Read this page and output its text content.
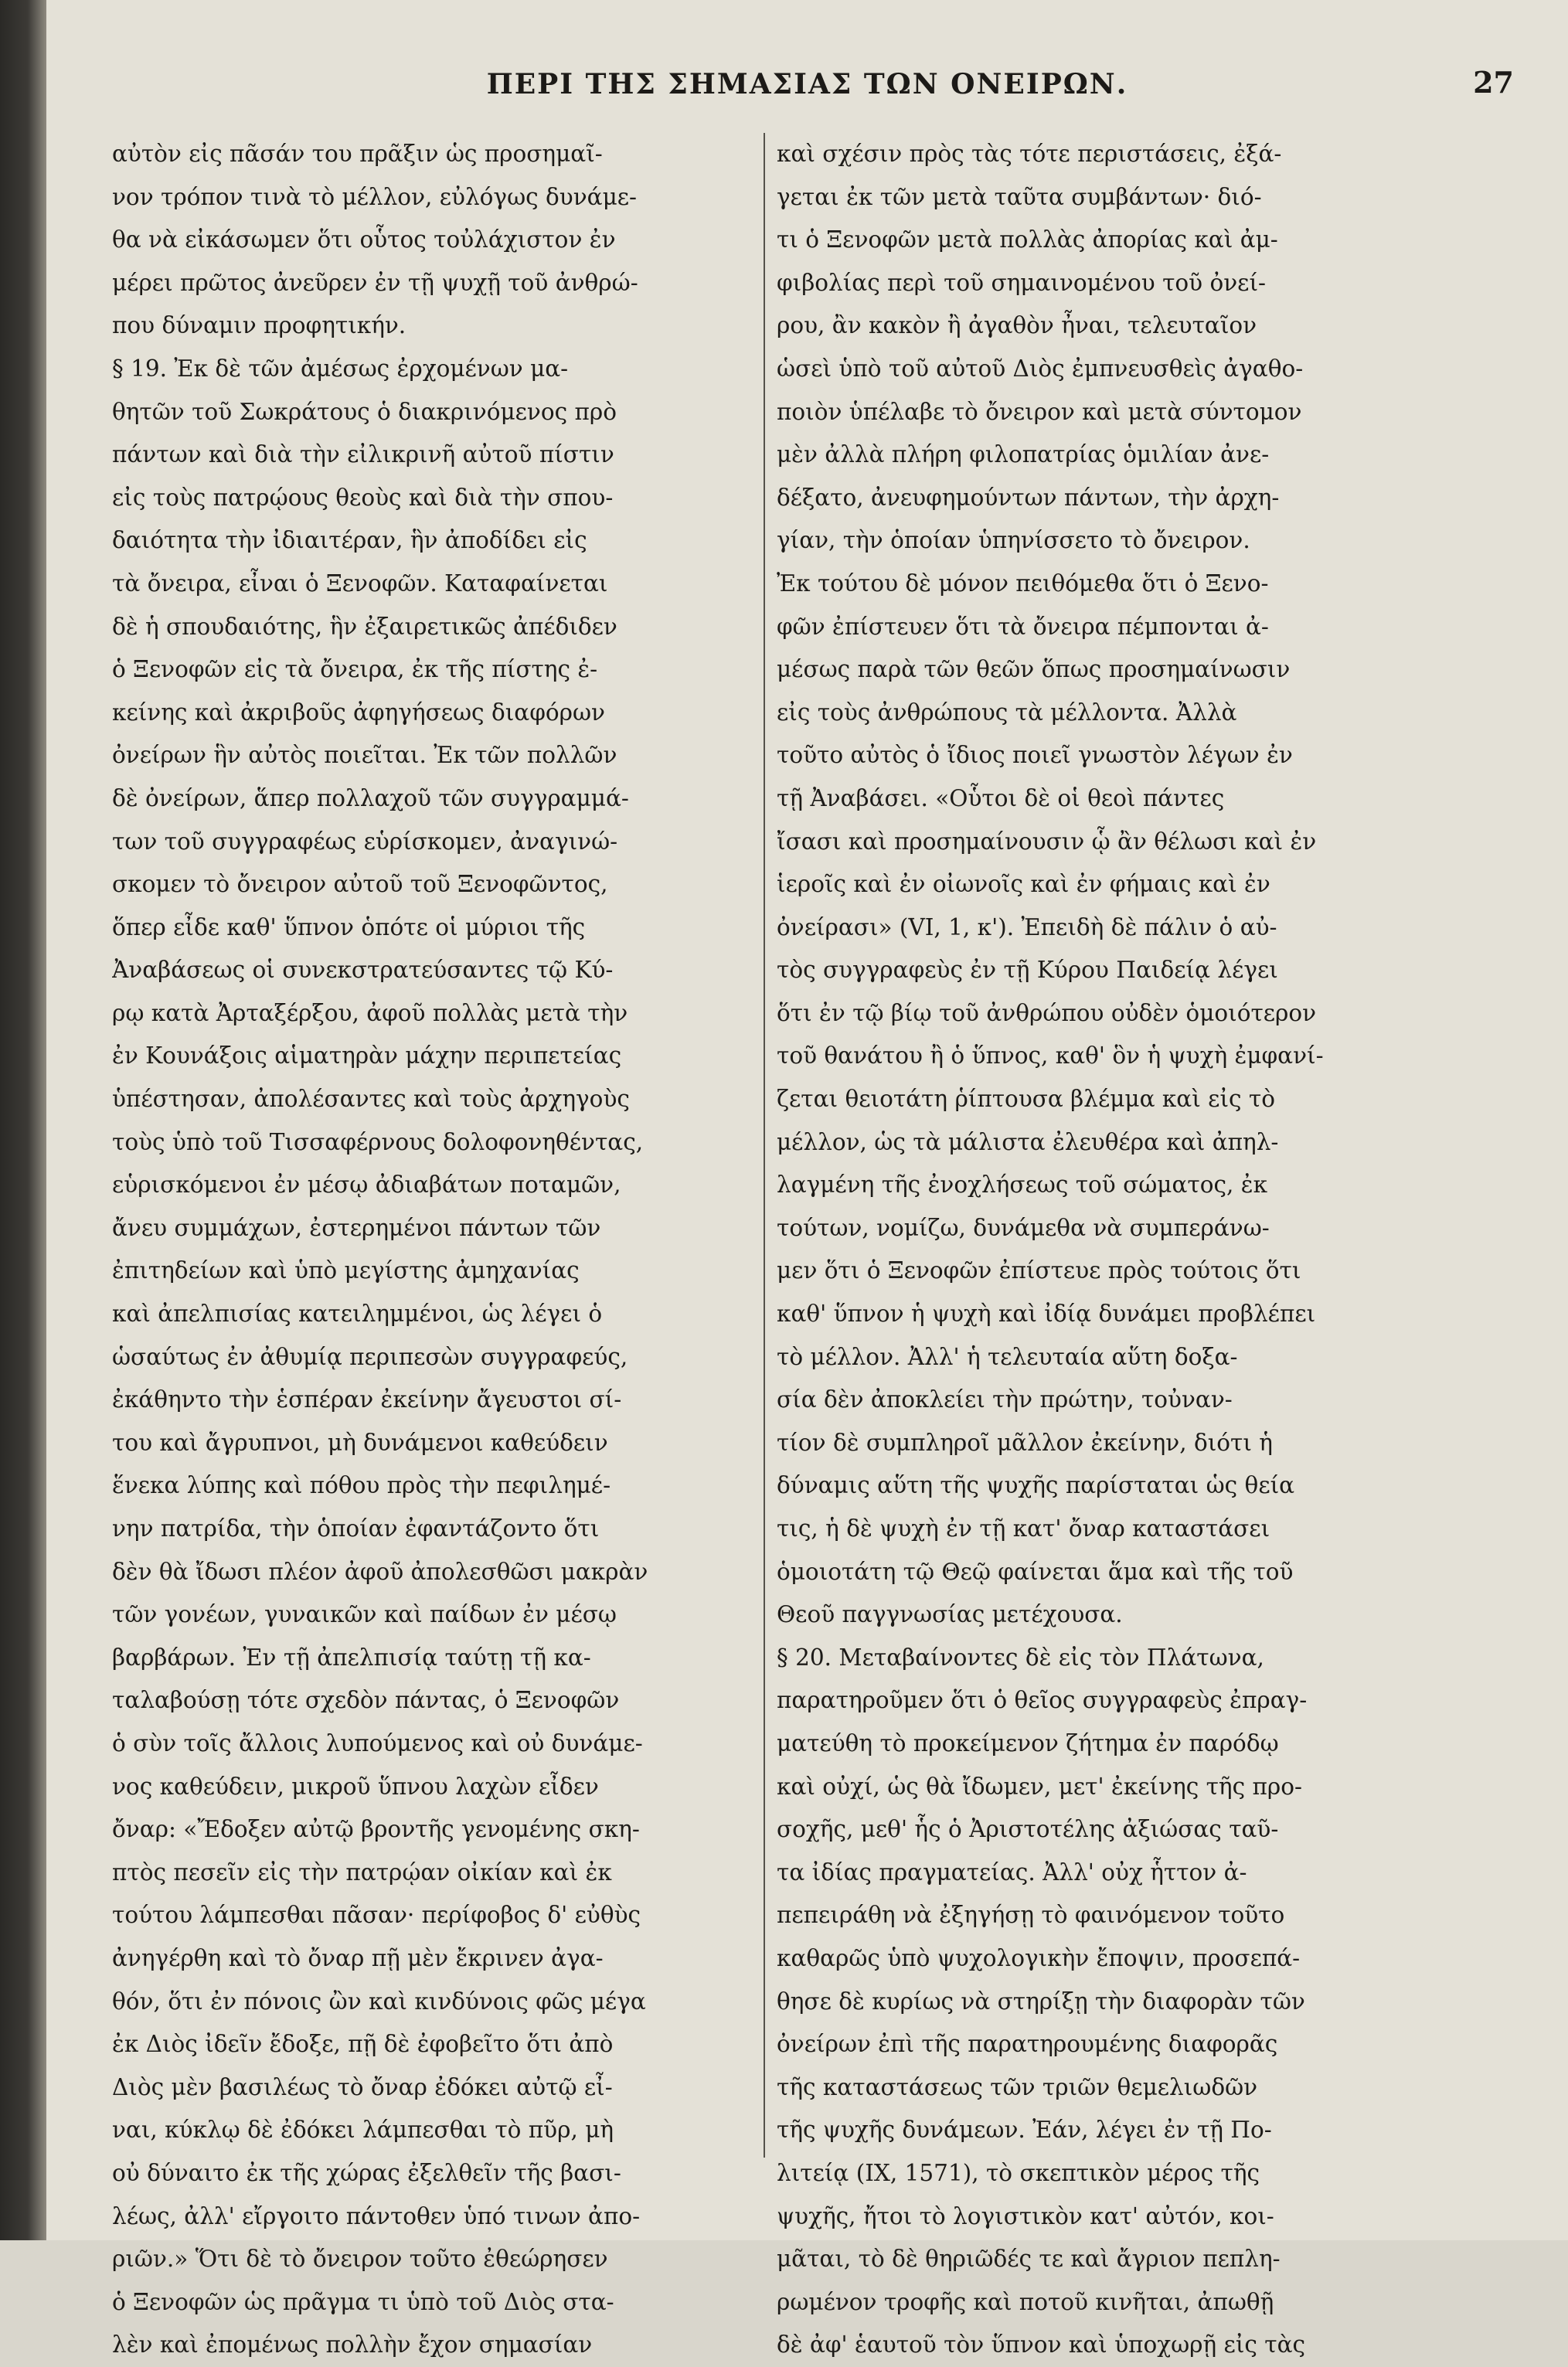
ΠΕΡΙ ΤΗΣ ΣΗΜΑΣΙΑΣ ΤΩΝ ΟΝΕΙΡΩΝ.	27
αὐτὸν εἰς πᾶσάν του πρᾶξιν ὡς προσημαῖ-
νον τρόπον τινὰ τὸ μέλλον, εὐλόγως δυνάμε-
θα νὰ εἰκάσωμεν ὅτι οὗτος τοὐλάχιστον ἐν
μέρει πρῶτος ἀνεῦρεν ἐν τῇ ψυχῇ τοῦ ἀνθρώ-
που δύναμιν προφητικήν.
§ 19. Ἐκ δὲ τῶν ἀμέσως ἐρχομένων μα-
θητῶν τοῦ Σωκράτους ὁ διακρινόμενος πρὸ
πάντων καὶ διὰ τὴν εἰλικρινῆ αὐτοῦ πίστιν
εἰς τοὺς πατρῴους θεοὺς καὶ διὰ τὴν σπου-
δαιότητα τὴν ἰδιαιτέραν, ἣν ἀποδίδει εἰς
τὰ ὄνειρα, εἶναι ὁ Ξενοφῶν. Καταφαίνεται
δὲ ἡ σπουδαιότης, ἣν ἐξαιρετικῶς ἀπέδιδεν
ὁ Ξενοφῶν εἰς τὰ ὄνειρα, ἐκ τῆς πίστης ἐ-
κείνης καὶ ἀκριβοῦς ἀφηγήσεως διαφόρων
ὀνείρων ἣν αὐτὸς ποιεῖται. Ἐκ τῶν πολλῶν
δὲ ὀνείρων, ἅπερ πολλαχοῦ τῶν συγγραμμά-
των τοῦ συγγραφέως εὑρίσκομεν, ἀναγινώ-
σκομεν τὸ ὄνειρον αὐτοῦ τοῦ Ξενοφῶντος,
ὅπερ εἶδε καθ' ὕπνον ὁπότε οἱ μύριοι τῆς
Ἀναβάσεως οἱ συνεκστρατεύσαντες τῷ Κύ-
ρῳ κατὰ Ἀρταξέρξου, ἀφοῦ πολλὰς μετὰ τὴν
ἐν Κουνάξοις αἱματηρὰν μάχην περιπετείας
ὑπέστησαν, ἀπολέσαντες καὶ τοὺς ἀρχηγοὺς
τοὺς ὑπὸ τοῦ Τισσαφέρνους δολοφονηθέντας,
εὑρισκόμενοι ἐν μέσῳ ἀδιαβάτων ποταμῶν,
ἄνευ συμμάχων, ἐστερημένοι πάντων τῶν
ἐπιτηδείων καὶ ὑπὸ μεγίστης ἀμηχανίας
καὶ ἀπελπισίας κατειλημμένοι, ὡς λέγει ὁ
ὡσαύτως ἐν ἀθυμίᾳ περιπεσὼν συγγραφεύς,
ἐκάθηντο τὴν ἑσπέραν ἐκείνην ἄγευστοι σί-
του καὶ ἄγρυπνοι, μὴ δυνάμενοι καθεύδειν
ἕνεκα λύπης καὶ πόθου πρὸς τὴν πεφιλημέ-
νην πατρίδα, τὴν ὁποίαν ἐφαντάζοντο ὅτι
δὲν θὰ ἴδωσι πλέον ἀφοῦ ἀπολεσθῶσι μακρὰν
τῶν γονέων, γυναικῶν καὶ παίδων ἐν μέσῳ
βαρβάρων. Ἐν τῇ ἀπελπισίᾳ ταύτῃ τῇ κα-
ταλαβούσῃ τότε σχεδὸν πάντας, ὁ Ξενοφῶν
ὁ σὺν τοῖς ἄλλοις λυπούμενος καὶ οὐ δυνάμε-
νος καθεύδειν, μικροῦ ὕπνου λαχὼν εἶδεν
ὄναρ: «Ἔδοξεν αὐτῷ βροντῆς γενομένης σκη-
πτὸς πεσεῖν εἰς τὴν πατρῴαν οἰκίαν καὶ ἐκ
τούτου λάμπεσθαι πᾶσαν· περίφοβος δ' εὐθὺς
ἀνηγέρθη καὶ τὸ ὄναρ πῇ μὲν ἔκρινεν ἀγα-
θόν, ὅτι ἐν πόνοις ὢν καὶ κινδύνοις φῶς μέγα
ἐκ Διὸς ἰδεῖν ἔδοξε, πῇ δὲ ἐφοβεῖτο ὅτι ἀπὸ
Διὸς μὲν βασιλέως τὸ ὄναρ ἐδόκει αὐτῷ εἶ-
ναι, κύκλῳ δὲ ἐδόκει λάμπεσθαι τὸ πῦρ, μὴ
οὐ δύναιτο ἐκ τῆς χώρας ἐξελθεῖν τῆς βασι-
λέως, ἀλλ' εἴργοιτο πάντοθεν ὑπό τινων ἀπο-
ριῶν.» Ὅτι δὲ τὸ ὄνειρον τοῦτο ἐθεώρησεν
ὁ Ξενοφῶν ὡς πρᾶγμα τι ὑπὸ τοῦ Διὸς στα-
λὲν καὶ ἐπομένως πολλὴν ἔχον σημασίαν
καὶ σχέσιν πρὸς τὰς τότε περιστάσεις, ἐξά-
γεται ἐκ τῶν μετὰ ταῦτα συμβάντων· διό-
τι ὁ Ξενοφῶν μετὰ πολλὰς ἀπορίας καὶ ἀμ-
φιβολίας περὶ τοῦ σημαινομένου τοῦ ὀνεί-
ρου, ἂν κακὸν ἢ ἀγαθὸν ἦναι, τελευταῖον
ὡσεὶ ὑπὸ τοῦ αὐτοῦ Διὸς ἐμπνευσθεὶς ἀγαθο-
ποιὸν ὑπέλαβε τὸ ὄνειρον καὶ μετὰ σύντομον
μὲν ἀλλὰ πλήρη φιλοπατρίας ὁμιλίαν ἀνε-
δέξατο, ἀνευφημούντων πάντων, τὴν ἀρχη-
γίαν, τὴν ὁποίαν ὑπηνίσσετο τὸ ὄνειρον.
Ἐκ τούτου δὲ μόνον πειθόμεθα ὅτι ὁ Ξενο-
φῶν ἐπίστευεν ὅτι τὰ ὄνειρα πέμπονται ἀ-
μέσως παρὰ τῶν θεῶν ὅπως προσημαίνωσιν
εἰς τοὺς ἀνθρώπους τὰ μέλλοντα. Ἀλλὰ
τοῦτο αὐτὸς ὁ ἴδιος ποιεῖ γνωστὸν λέγων ἐν
τῇ Ἀναβάσει. «Οὗτοι δὲ οἱ θεοὶ πάντες
ἴσασι καὶ προσημαίνουσιν ᾧ ἂν θέλωσι καὶ ἐν
ἱεροῖς καὶ ἐν οἰωνοῖς καὶ ἐν φήμαις καὶ ἐν
ὀνείρασι» (VI, 1, κ'). Ἐπειδὴ δὲ πάλιν ὁ αὐ-
τὸς συγγραφεὺς ἐν τῇ Κύρου Παιδείᾳ λέγει
ὅτι ἐν τῷ βίῳ τοῦ ἀνθρώπου οὐδὲν ὁμοιότερον
τοῦ θανάτου ἢ ὁ ὕπνος, καθ' ὃν ἡ ψυχὴ ἐμφανί-
ζεται θειοτάτη ῥίπτουσα βλέμμα καὶ εἰς τὸ
μέλλον, ὡς τὰ μάλιστα ἐλευθέρα καὶ ἀπηλ-
λαγμένη τῆς ἐνοχλήσεως τοῦ σώματος, ἐκ
τούτων, νομίζω, δυνάμεθα νὰ συμπεράνω-
μεν ὅτι ὁ Ξενοφῶν ἐπίστευε πρὸς τούτοις ὅτι
καθ' ὕπνον ἡ ψυχὴ καὶ ἰδίᾳ δυνάμει προβλέπει
τὸ μέλλον. Ἀλλ' ἡ τελευταία αὕτη δοξα-
σία δὲν ἀποκλείει τὴν πρώτην, τοὐναν-
τίον δὲ συμπληροῖ μᾶλλον ἐκείνην, διότι ἡ
δύναμις αὕτη τῆς ψυχῆς παρίσταται ὡς θεία
τις, ἡ δὲ ψυχὴ ἐν τῇ κατ' ὄναρ καταστάσει
ὁμοιοτάτη τῷ Θεῷ φαίνεται ἅμα καὶ τῆς τοῦ
Θεοῦ παγγνωσίας μετέχουσα.
§ 20. Μεταβαίνοντες δὲ εἰς τὸν Πλάτωνα,
παρατηροῦμεν ὅτι ὁ θεῖος συγγραφεὺς ἐπραγ-
ματεύθη τὸ προκείμενον ζήτημα ἐν παρόδῳ
καὶ οὐχί, ὡς θὰ ἴδωμεν, μετ' ἐκείνης τῆς προ-
σοχῆς, μεθ' ἧς ὁ Ἀριστοτέλης ἀξιώσας ταῦ-
τα ἰδίας πραγματείας. Ἀλλ' οὐχ ἧττον ἀ-
πεπειράθη νὰ ἐξηγήσῃ τὸ φαινόμενον τοῦτο
καθαρῶς ὑπὸ ψυχολογικὴν ἔποψιν, προσεπά-
θησε δὲ κυρίως νὰ στηρίξῃ τὴν διαφορὰν τῶν
ὀνείρων ἐπὶ τῆς παρατηρουμένης διαφορᾶς
τῆς καταστάσεως τῶν τριῶν θεμελιωδῶν
τῆς ψυχῆς δυνάμεων. Ἐάν, λέγει ἐν τῇ Πο-
λιτείᾳ (IX, 1571), τὸ σκεπτικὸν μέρος τῆς
ψυχῆς, ἤτοι τὸ λογιστικὸν κατ' αὐτόν, κοι-
μᾶται, τὸ δὲ θηριῶδές τε καὶ ἄγριον πεπλη-
ρωμένον τροφῆς καὶ ποτοῦ κινῆται, ἀπωθῇ
δὲ ἀφ' ἑαυτοῦ τὸν ὕπνον καὶ ὑποχωρῇ εἰς τὰς
